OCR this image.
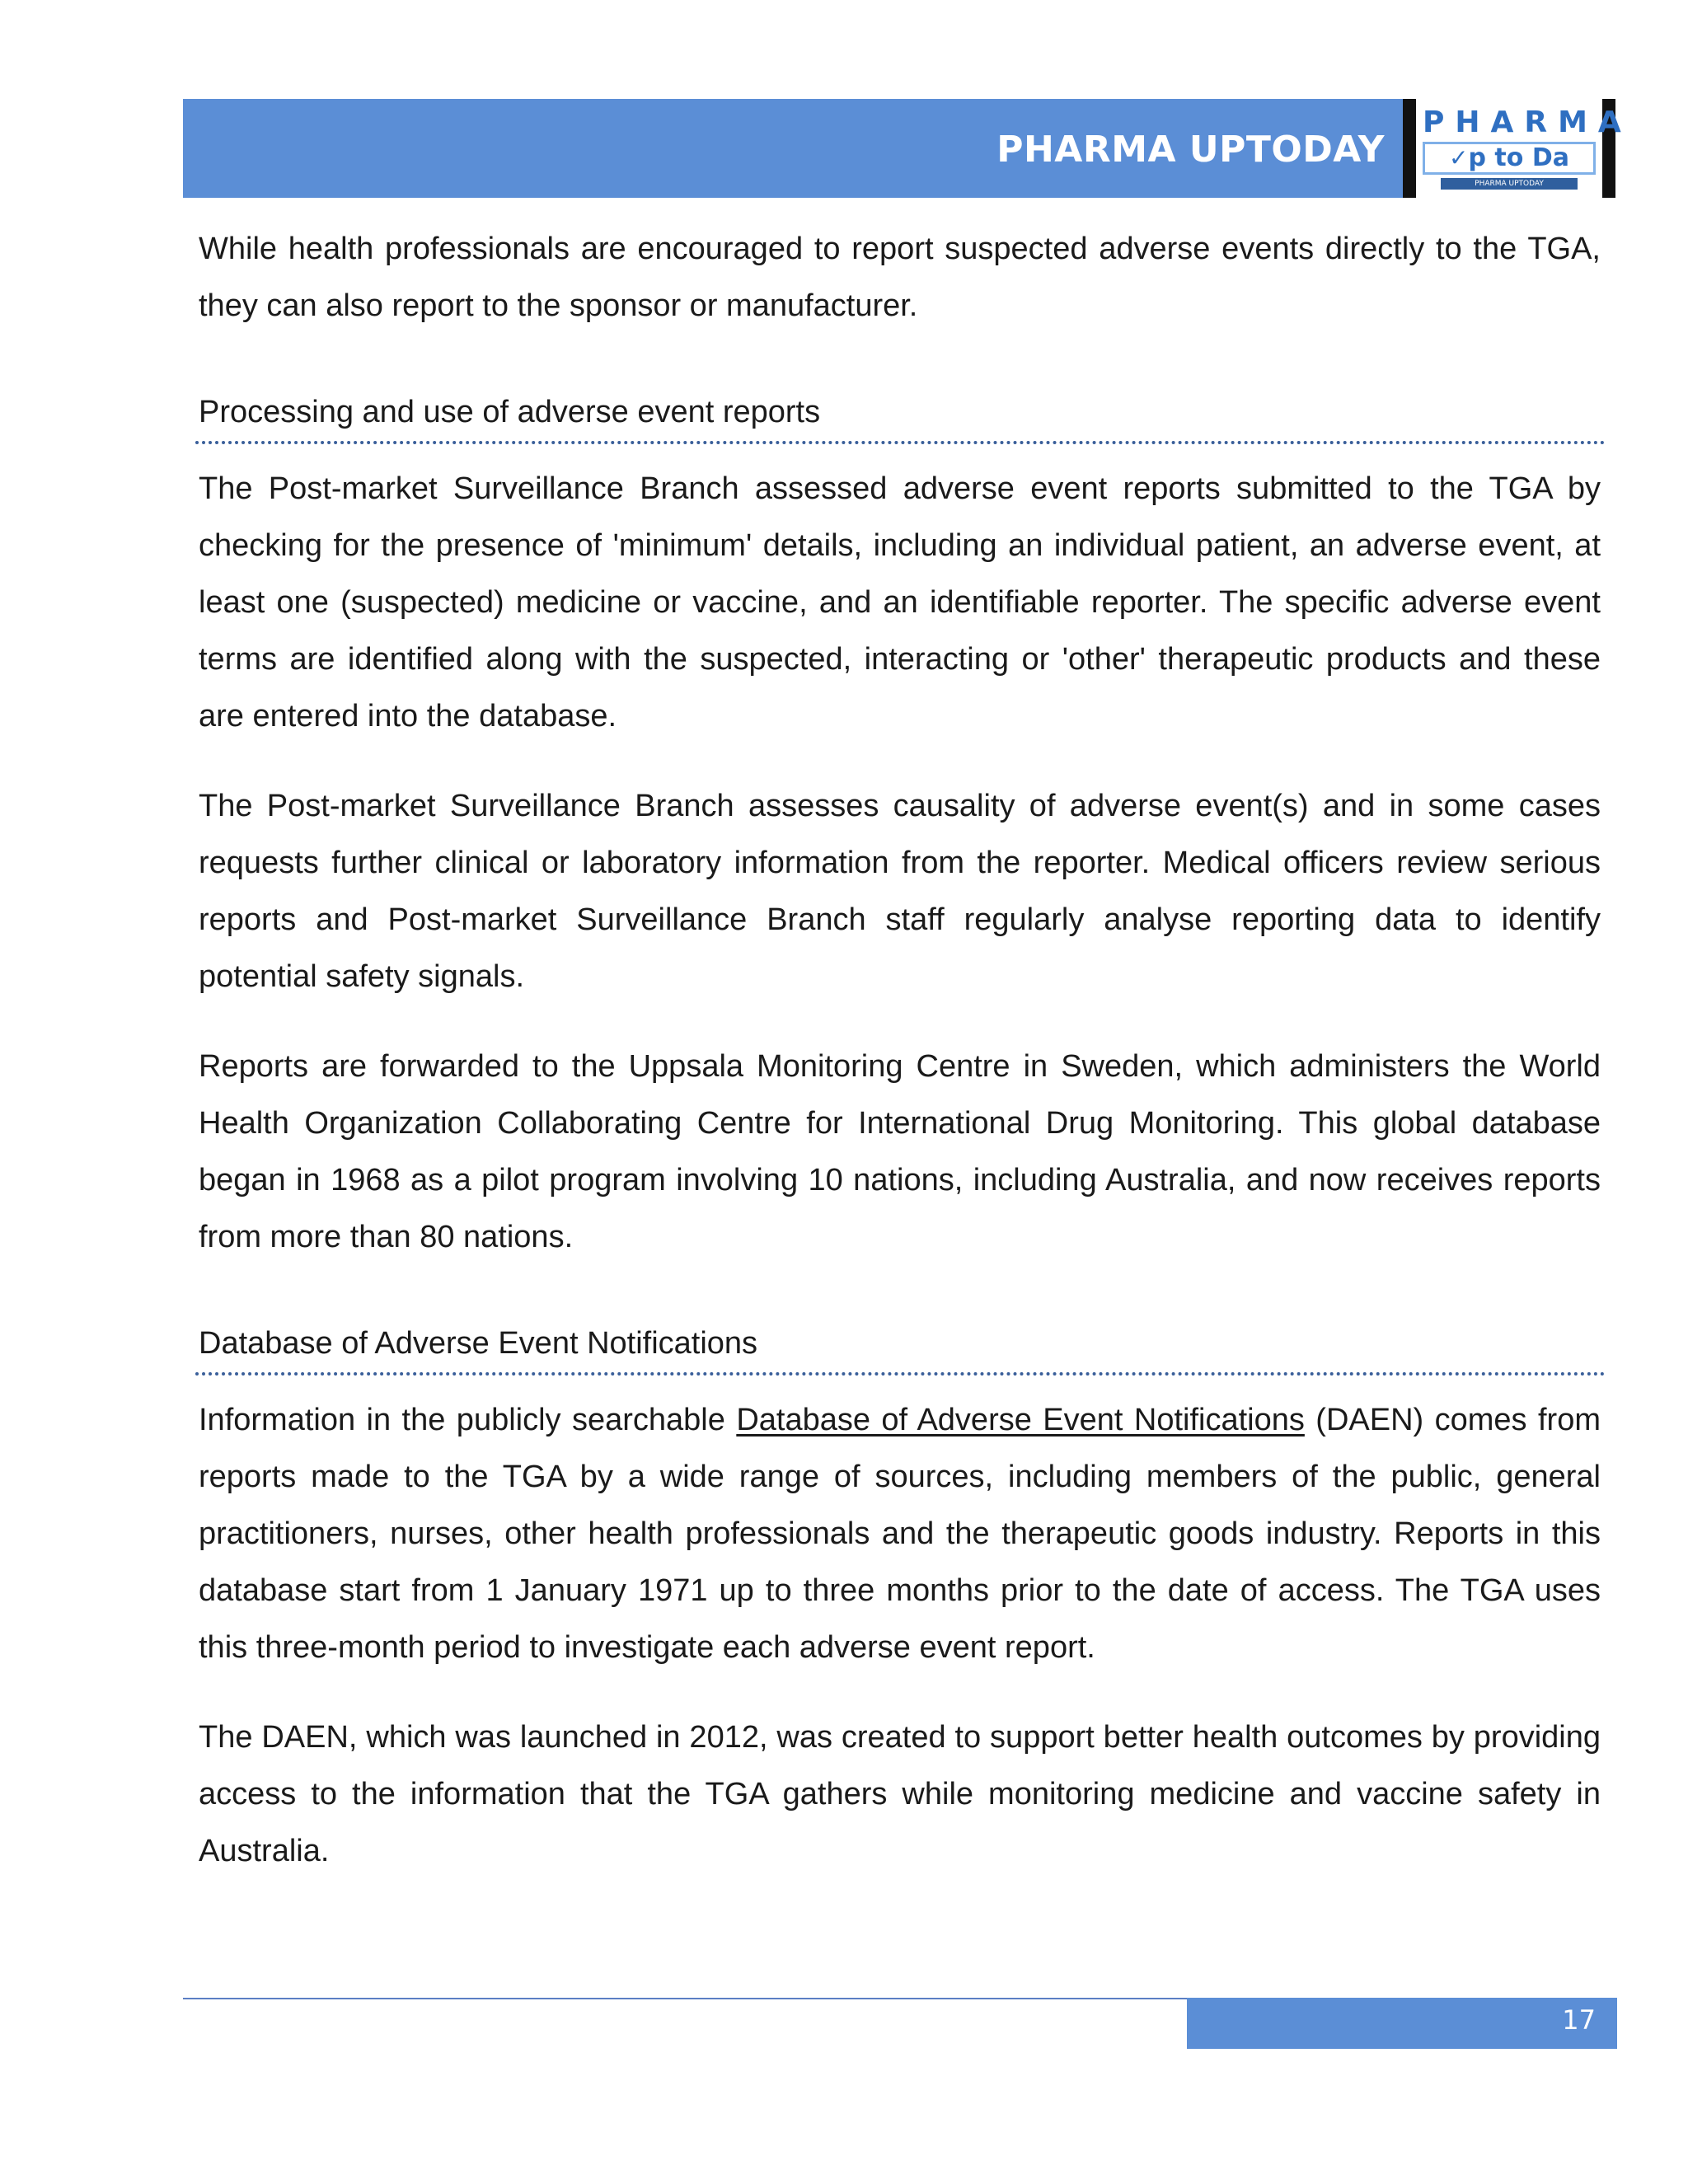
PHARMA UPTODAY
PHARMA
✓p to Da
PHARMA UPTODAY

While health professionals are encouraged to report suspected adverse events directly to the TGA, they can also report to the sponsor or manufacturer.

Processing and use of adverse event reports

The Post-market Surveillance Branch assessed adverse event reports submitted to the TGA by checking for the presence of 'minimum' details, including an individual patient, an adverse event, at least one (suspected) medicine or vaccine, and an identifiable reporter. The specific adverse event terms are identified along with the suspected, interacting or 'other' therapeutic products and these are entered into the database.

The Post-market Surveillance Branch assesses causality of adverse event(s) and in some cases requests further clinical or laboratory information from the reporter. Medical officers review serious reports and Post-market Surveillance Branch staff regularly analyse reporting data to identify potential safety signals.

Reports are forwarded to the Uppsala Monitoring Centre in Sweden, which administers the World Health Organization Collaborating Centre for International Drug Monitoring. This global database began in 1968 as a pilot program involving 10 nations, including Australia, and now receives reports from more than 80 nations.

Database of Adverse Event Notifications

Information in the publicly searchable Database of Adverse Event Notifications (DAEN) comes from reports made to the TGA by a wide range of sources, including members of the public, general practitioners, nurses, other health professionals and the therapeutic goods industry. Reports in this database start from 1 January 1971 up to three months prior to the date of access. The TGA uses this three-month period to investigate each adverse event report.

The DAEN, which was launched in 2012, was created to support better health outcomes by providing access to the information that the TGA gathers while monitoring medicine and vaccine safety in Australia.

17
